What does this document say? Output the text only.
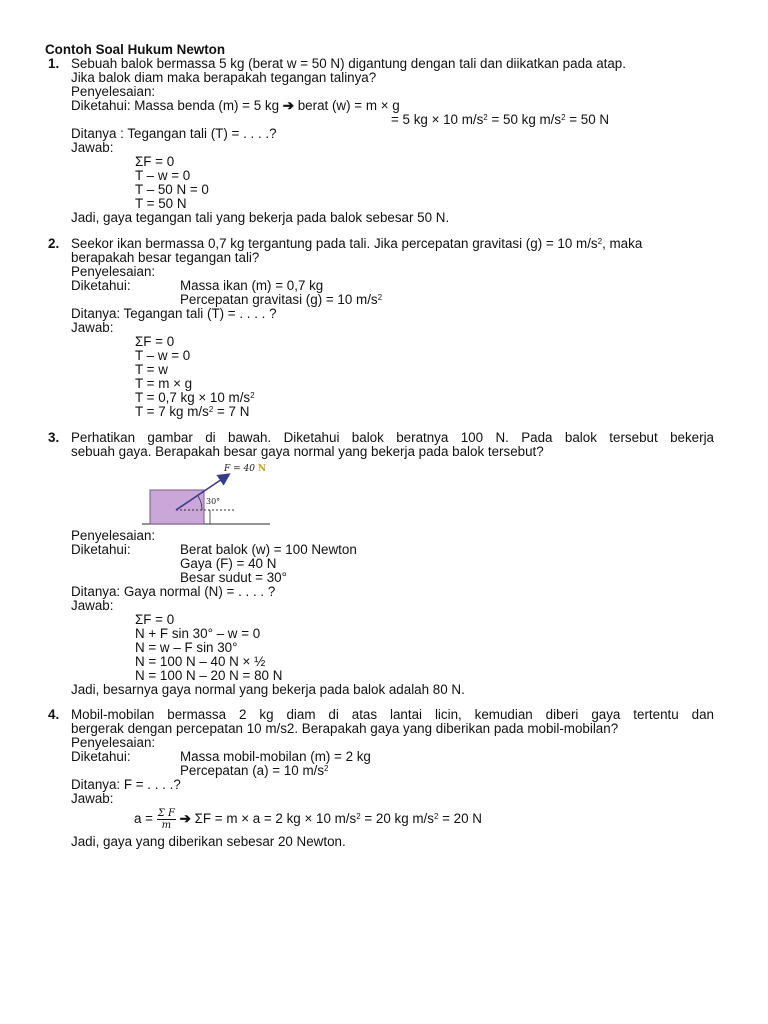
Contoh Soal Hukum Newton
1. Sebuah balok bermassa 5 kg (berat w = 50 N) digantung dengan tali dan diikatkan pada atap.
Jika balok diam maka berapakah tegangan talinya?
Penyelesaian:
Diketahui: Massa benda (m) = 5 kg ➔ berat (w) = m × g
= 5 kg × 10 $m/s^2 = 50$ kg $m/s^2 = 50$ N
Ditanya : Tegangan tali (T) = . . . .?
Jawab:
ΣF = 0
T – w = 0
T – 50 N = 0
T = 50 N
Jadi, gaya tegangan tali yang bekerja pada balok sebesar 50 N.
2. Seekor ikan bermassa 0,7 kg tergantung pada tali. Jika percepatan gravitasi (g) = 10 $m/s^2$, maka
berapakah besar tegangan tali?
Penyelesaian:
Diketahui:	Massa ikan (m) = 0,7 kg
Percepatan gravitasi (g) = 10 $m/s^2$
Ditanya: Tegangan tali (T) = . . . . ?
Jawab:
ΣF = 0
T – w = 0
T = w
T = m × g
T = 0,7 kg × 10 $m/s^2$
T = 7 kg $m/s^2 = 7$ N
3. Perhatikan gambar di bawah. Diketahui balok beratnya 100 N. Pada balok tersebut bekerja
sebuah gaya. Berapakah besar gaya normal yang bekerja pada balok tersebut?
30°
F = 40 N
Penyelesaian:
Diketahui:	Berat balok (w) = 100 Newton
Gaya (F) = 40 N
Besar sudut = 30°
Ditanya: Gaya normal (N) = . . . . ?
Jawab:
ΣF = 0
N + F sin 30° – w = 0
N = w – F sin 30°
N = 100 N – 40 N × ½
N = 100 N – 20 N = 80 N
Jadi, besarnya gaya normal yang bekerja pada balok adalah 80 N.
4. Mobil-mobilan bermassa 2 kg diam di atas lantai licin, kemudian diberi gaya tertentu dan
bergerak dengan percepatan 10 m/s2. Berapakah gaya yang diberikan pada mobil-mobilan?
Penyelesaian:
Diketahui:	Massa mobil-mobilan (m) = 2 kg
Percepatan (a) = 10 $m/s^2$
Ditanya: F = . . . .?
Jawab:
$a = \frac{\text{Σ F}}{m}$ ➔ ΣF = m × a = 2 kg × 10 $m/s^2 = 20$ kg $m/s^2 = 20$ N
Jadi, gaya yang diberikan sebesar 20 Newton.
